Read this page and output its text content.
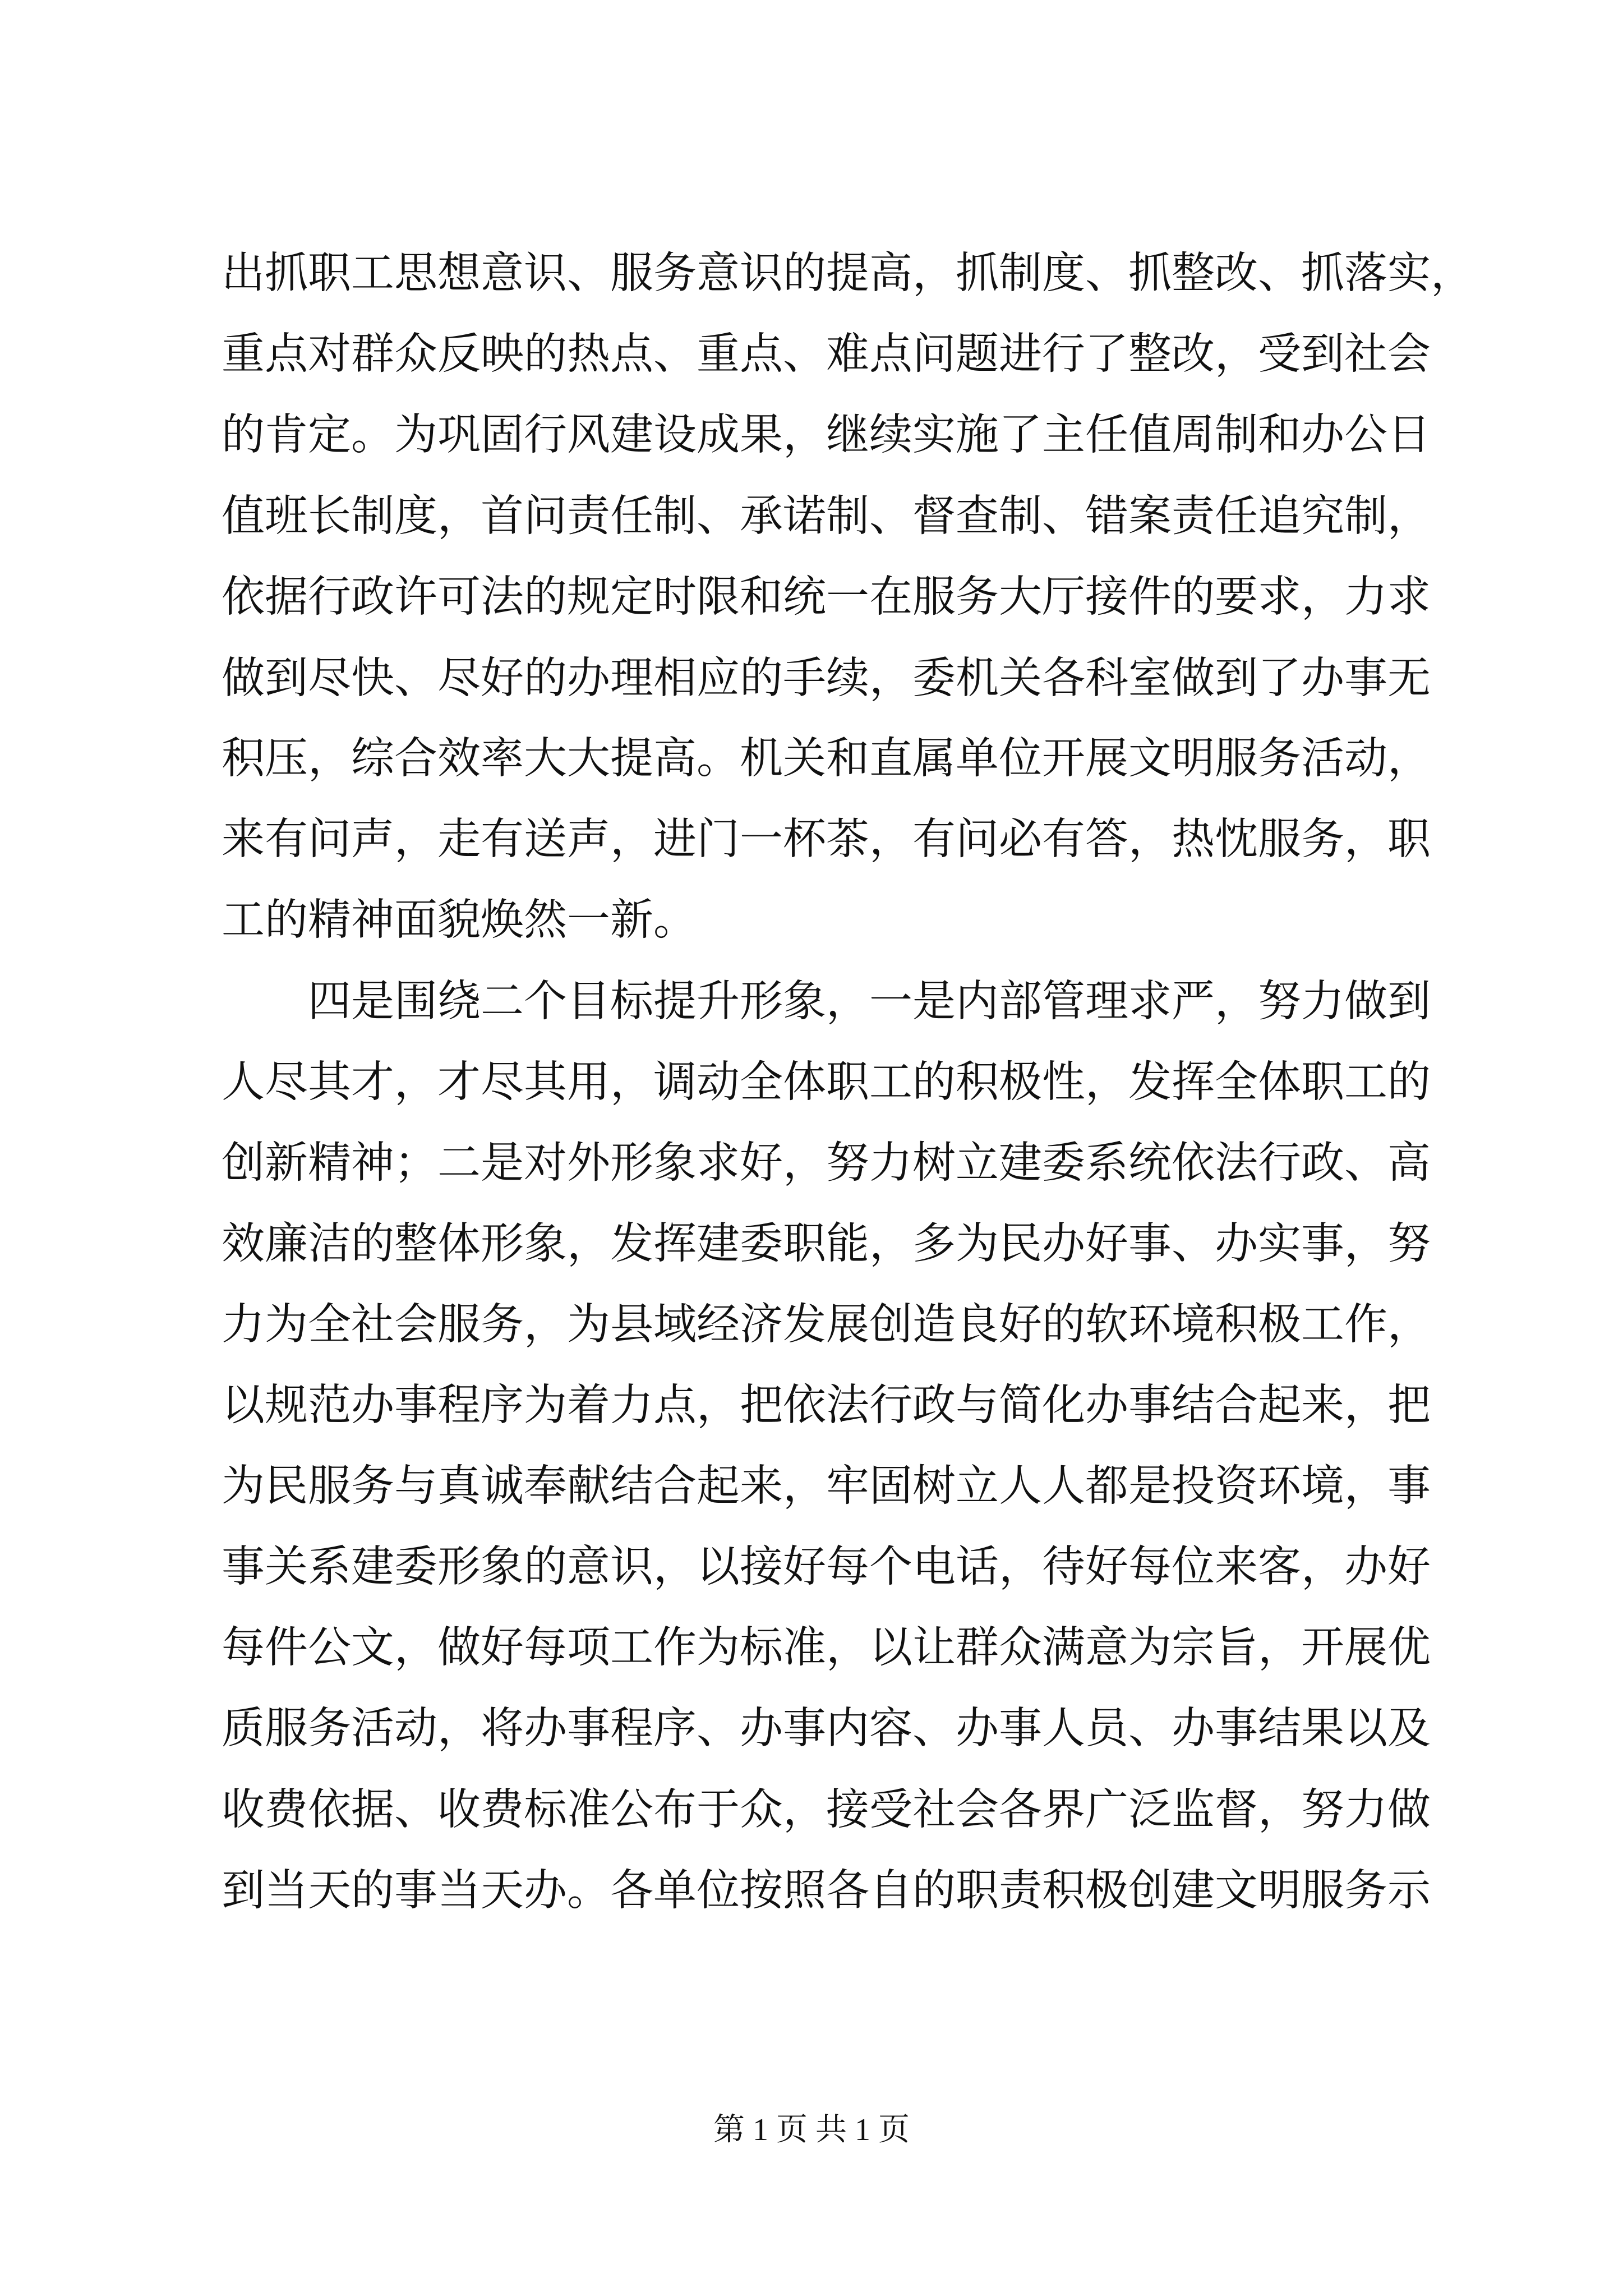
出抓职工思想意识、服务意识的提高，抓制度、抓整改、抓落实，
重点对群众反映的热点、重点、难点问题进行了整改，受到社会
的肯定。为巩固行风建设成果，继续实施了主任值周制和办公日
值班长制度，首问责任制、承诺制、督查制、错案责任追究制，
依据行政许可法的规定时限和统一在服务大厅接件的要求，力求
做到尽快、尽好的办理相应的手续，委机关各科室做到了办事无
积压，综合效率大大提高。机关和直属单位开展文明服务活动，
来有问声，走有送声，进门一杯茶，有问必有答，热忱服务，职
工的精神面貌焕然一新。
　　四是围绕二个目标提升形象，一是内部管理求严，努力做到
人尽其才，才尽其用，调动全体职工的积极性，发挥全体职工的
创新精神；二是对外形象求好，努力树立建委系统依法行政、高
效廉洁的整体形象，发挥建委职能，多为民办好事、办实事，努
力为全社会服务，为县域经济发展创造良好的软环境积极工作，
以规范办事程序为着力点，把依法行政与简化办事结合起来，把
为民服务与真诚奉献结合起来，牢固树立人人都是投资环境，事
事关系建委形象的意识，以接好每个电话，待好每位来客，办好
每件公文，做好每项工作为标准，以让群众满意为宗旨，开展优
质服务活动，将办事程序、办事内容、办事人员、办事结果以及
收费依据、收费标准公布于众，接受社会各界广泛监督，努力做
到当天的事当天办。各单位按照各自的职责积极创建文明服务示
第 1 页 共 1 页
